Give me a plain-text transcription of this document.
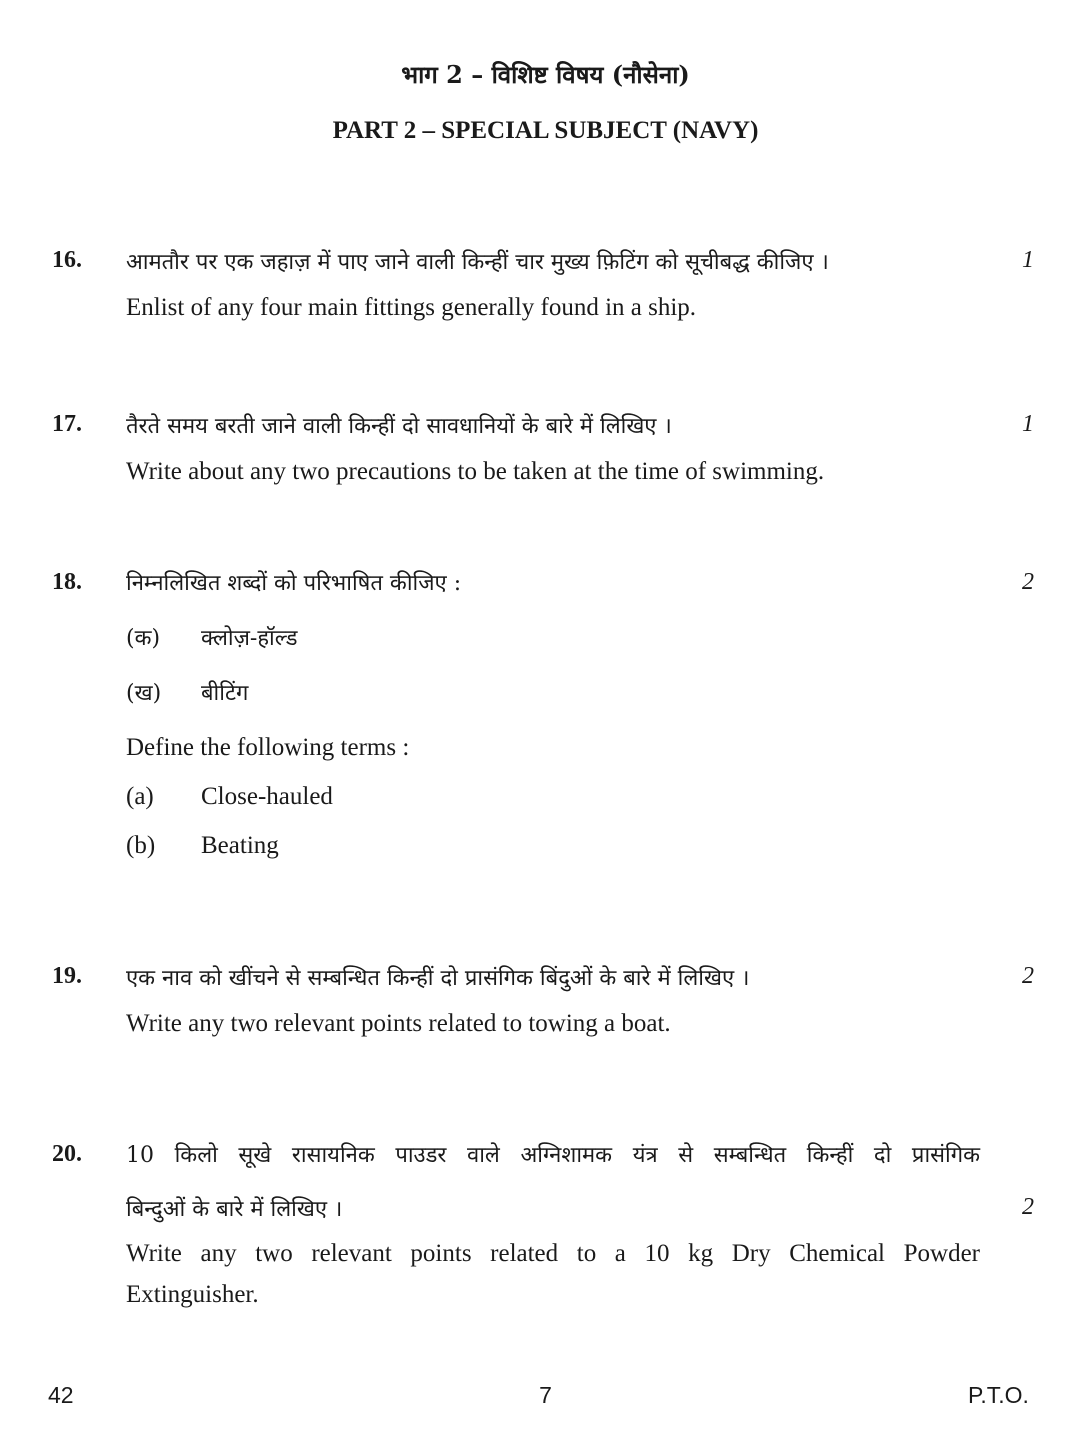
भाग 2 – विशिष्ट विषय (नौसेना)
PART 2 – SPECIAL SUBJECT (NAVY)
16. आमतौर पर एक जहाज़ में पाए जाने वाली किन्हीं चार मुख्य फ़िटिंग को सूचीबद्ध कीजिए ।	1
Enlist of any four main fittings generally found in a ship.
17. तैरते समय बरती जाने वाली किन्हीं दो सावधानियों के बारे में लिखिए ।	1
Write about any two precautions to be taken at the time of swimming.
18. निम्नलिखित शब्दों को परिभाषित कीजिए :	2
(क) क्लोज़-हॉल्ड
(ख) बीटिंग
Define the following terms :
(a) Close-hauled
(b) Beating
19. एक नाव को खींचने से सम्बन्धित किन्हीं दो प्रासंगिक बिंदुओं के बारे में लिखिए ।	2
Write any two relevant points related to towing a boat.
20. 10 किलो सूखे रासायनिक पाउडर वाले अग्निशामक यंत्र से सम्बन्धित किन्हीं दो प्रासंगिक
बिन्दुओं के बारे में लिखिए ।	2
Write any two relevant points related to a 10 kg Dry Chemical Powder
Extinguisher.
42	7	P.T.O.
